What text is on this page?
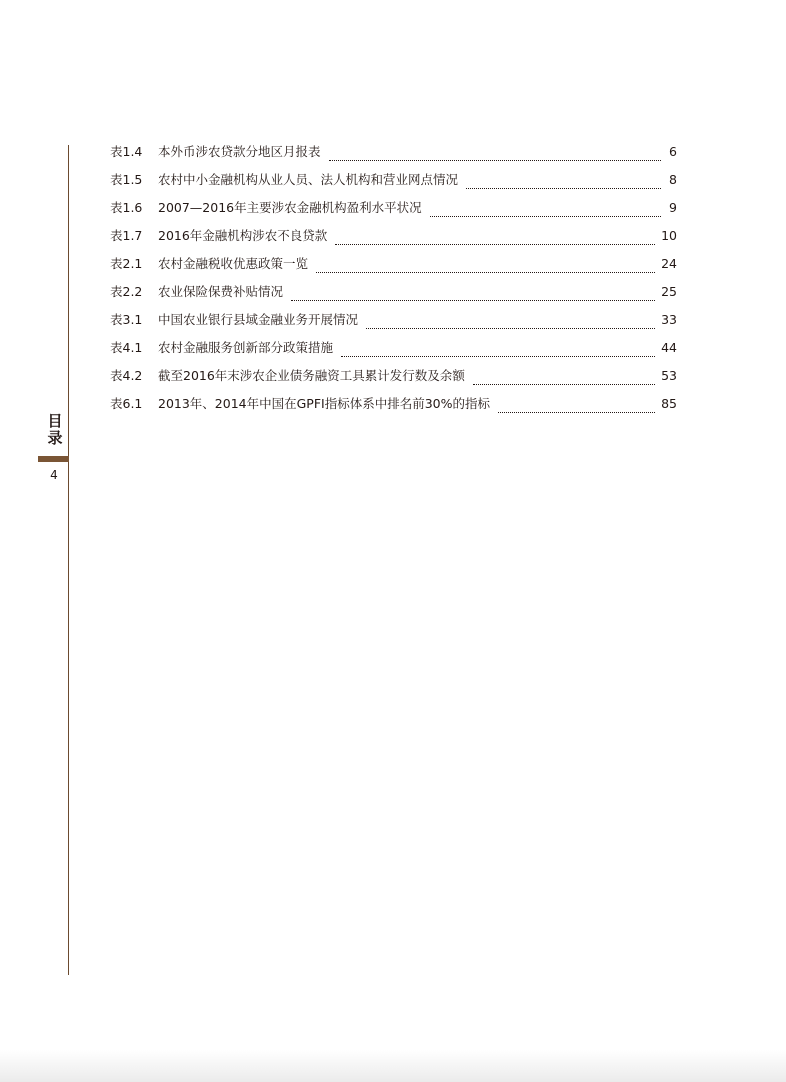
目
录
4
表1.4	本外币涉农贷款分地区月报表	6
表1.5	农村中小金融机构从业人员、法人机构和营业网点情况	8
表1.6	2007—2016年主要涉农金融机构盈利水平状况	9
表1.7	2016年金融机构涉农不良贷款	10
表2.1	农村金融税收优惠政策一览	24
表2.2	农业保险保费补贴情况	25
表3.1	中国农业银行县域金融业务开展情况	33
表4.1	农村金融服务创新部分政策措施	44
表4.2	截至2016年末涉农企业债务融资工具累计发行数及余额	53
表6.1	2013年、2014年中国在GPFI指标体系中排名前30%的指标	85
